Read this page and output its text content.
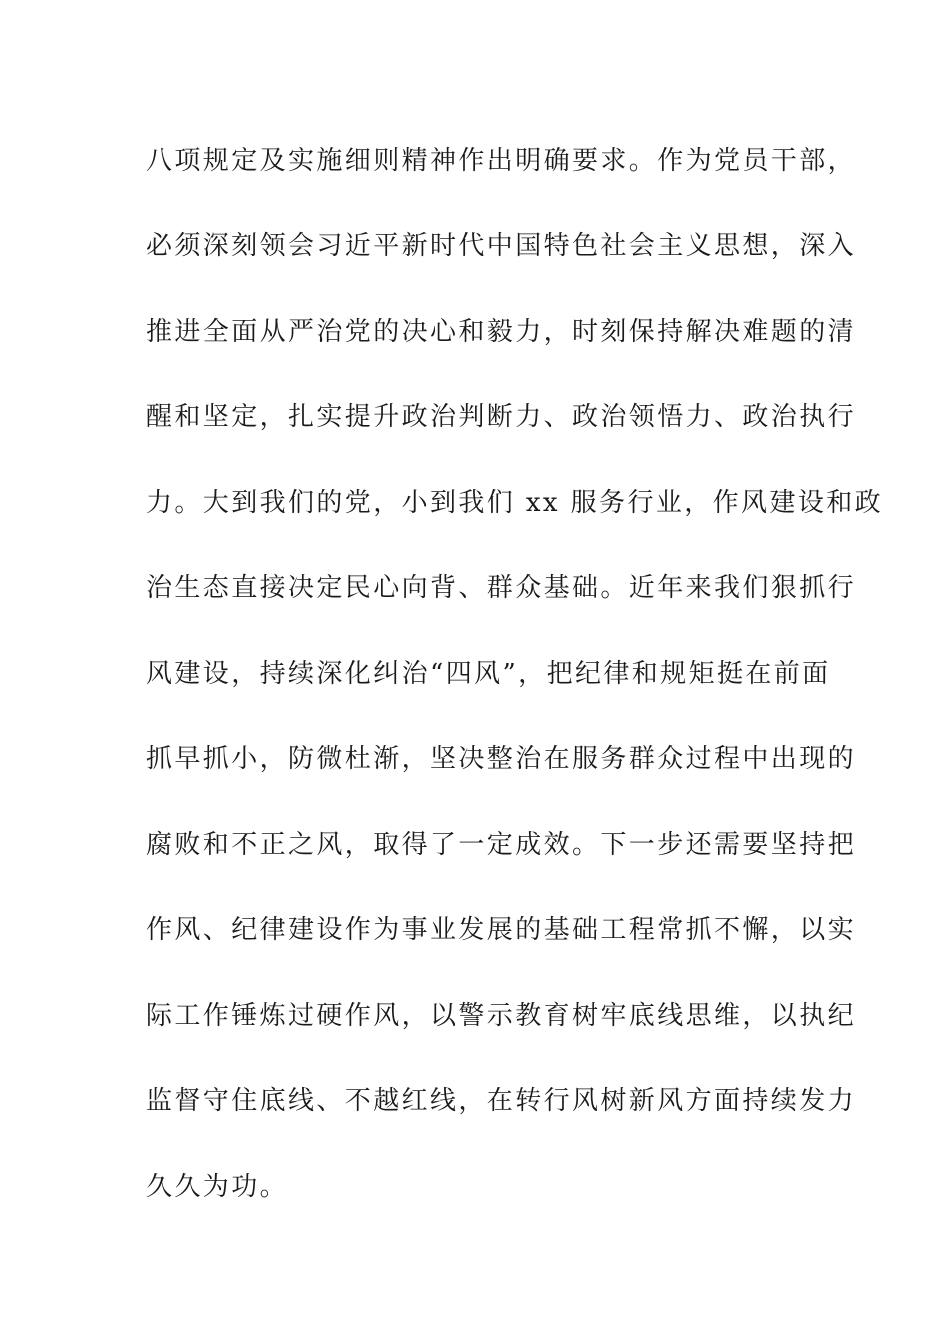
八项规定及实施细则精神作出明确要求。作为党员干部，
必须深刻领会习近平新时代中国特色社会主义思想，深入
推进全面从严治党的决心和毅力，时刻保持解决难题的清
醒和坚定，扎实提升政治判断力、政治领悟力、政治执行
力。大到我们的党，小到我们 xx 服务行业，作风建设和政
治生态直接决定民心向背、群众基础。近年来我们狠抓行
风建设，持续深化纠治“四风”，把纪律和规矩挺在前面
抓早抓小，防微杜渐，坚决整治在服务群众过程中出现的
腐败和不正之风，取得了一定成效。下一步还需要坚持把
作风、纪律建设作为事业发展的基础工程常抓不懈，以实
际工作锤炼过硬作风，以警示教育树牢底线思维，以执纪
监督守住底线、不越红线，在转行风树新风方面持续发力
久久为功。
